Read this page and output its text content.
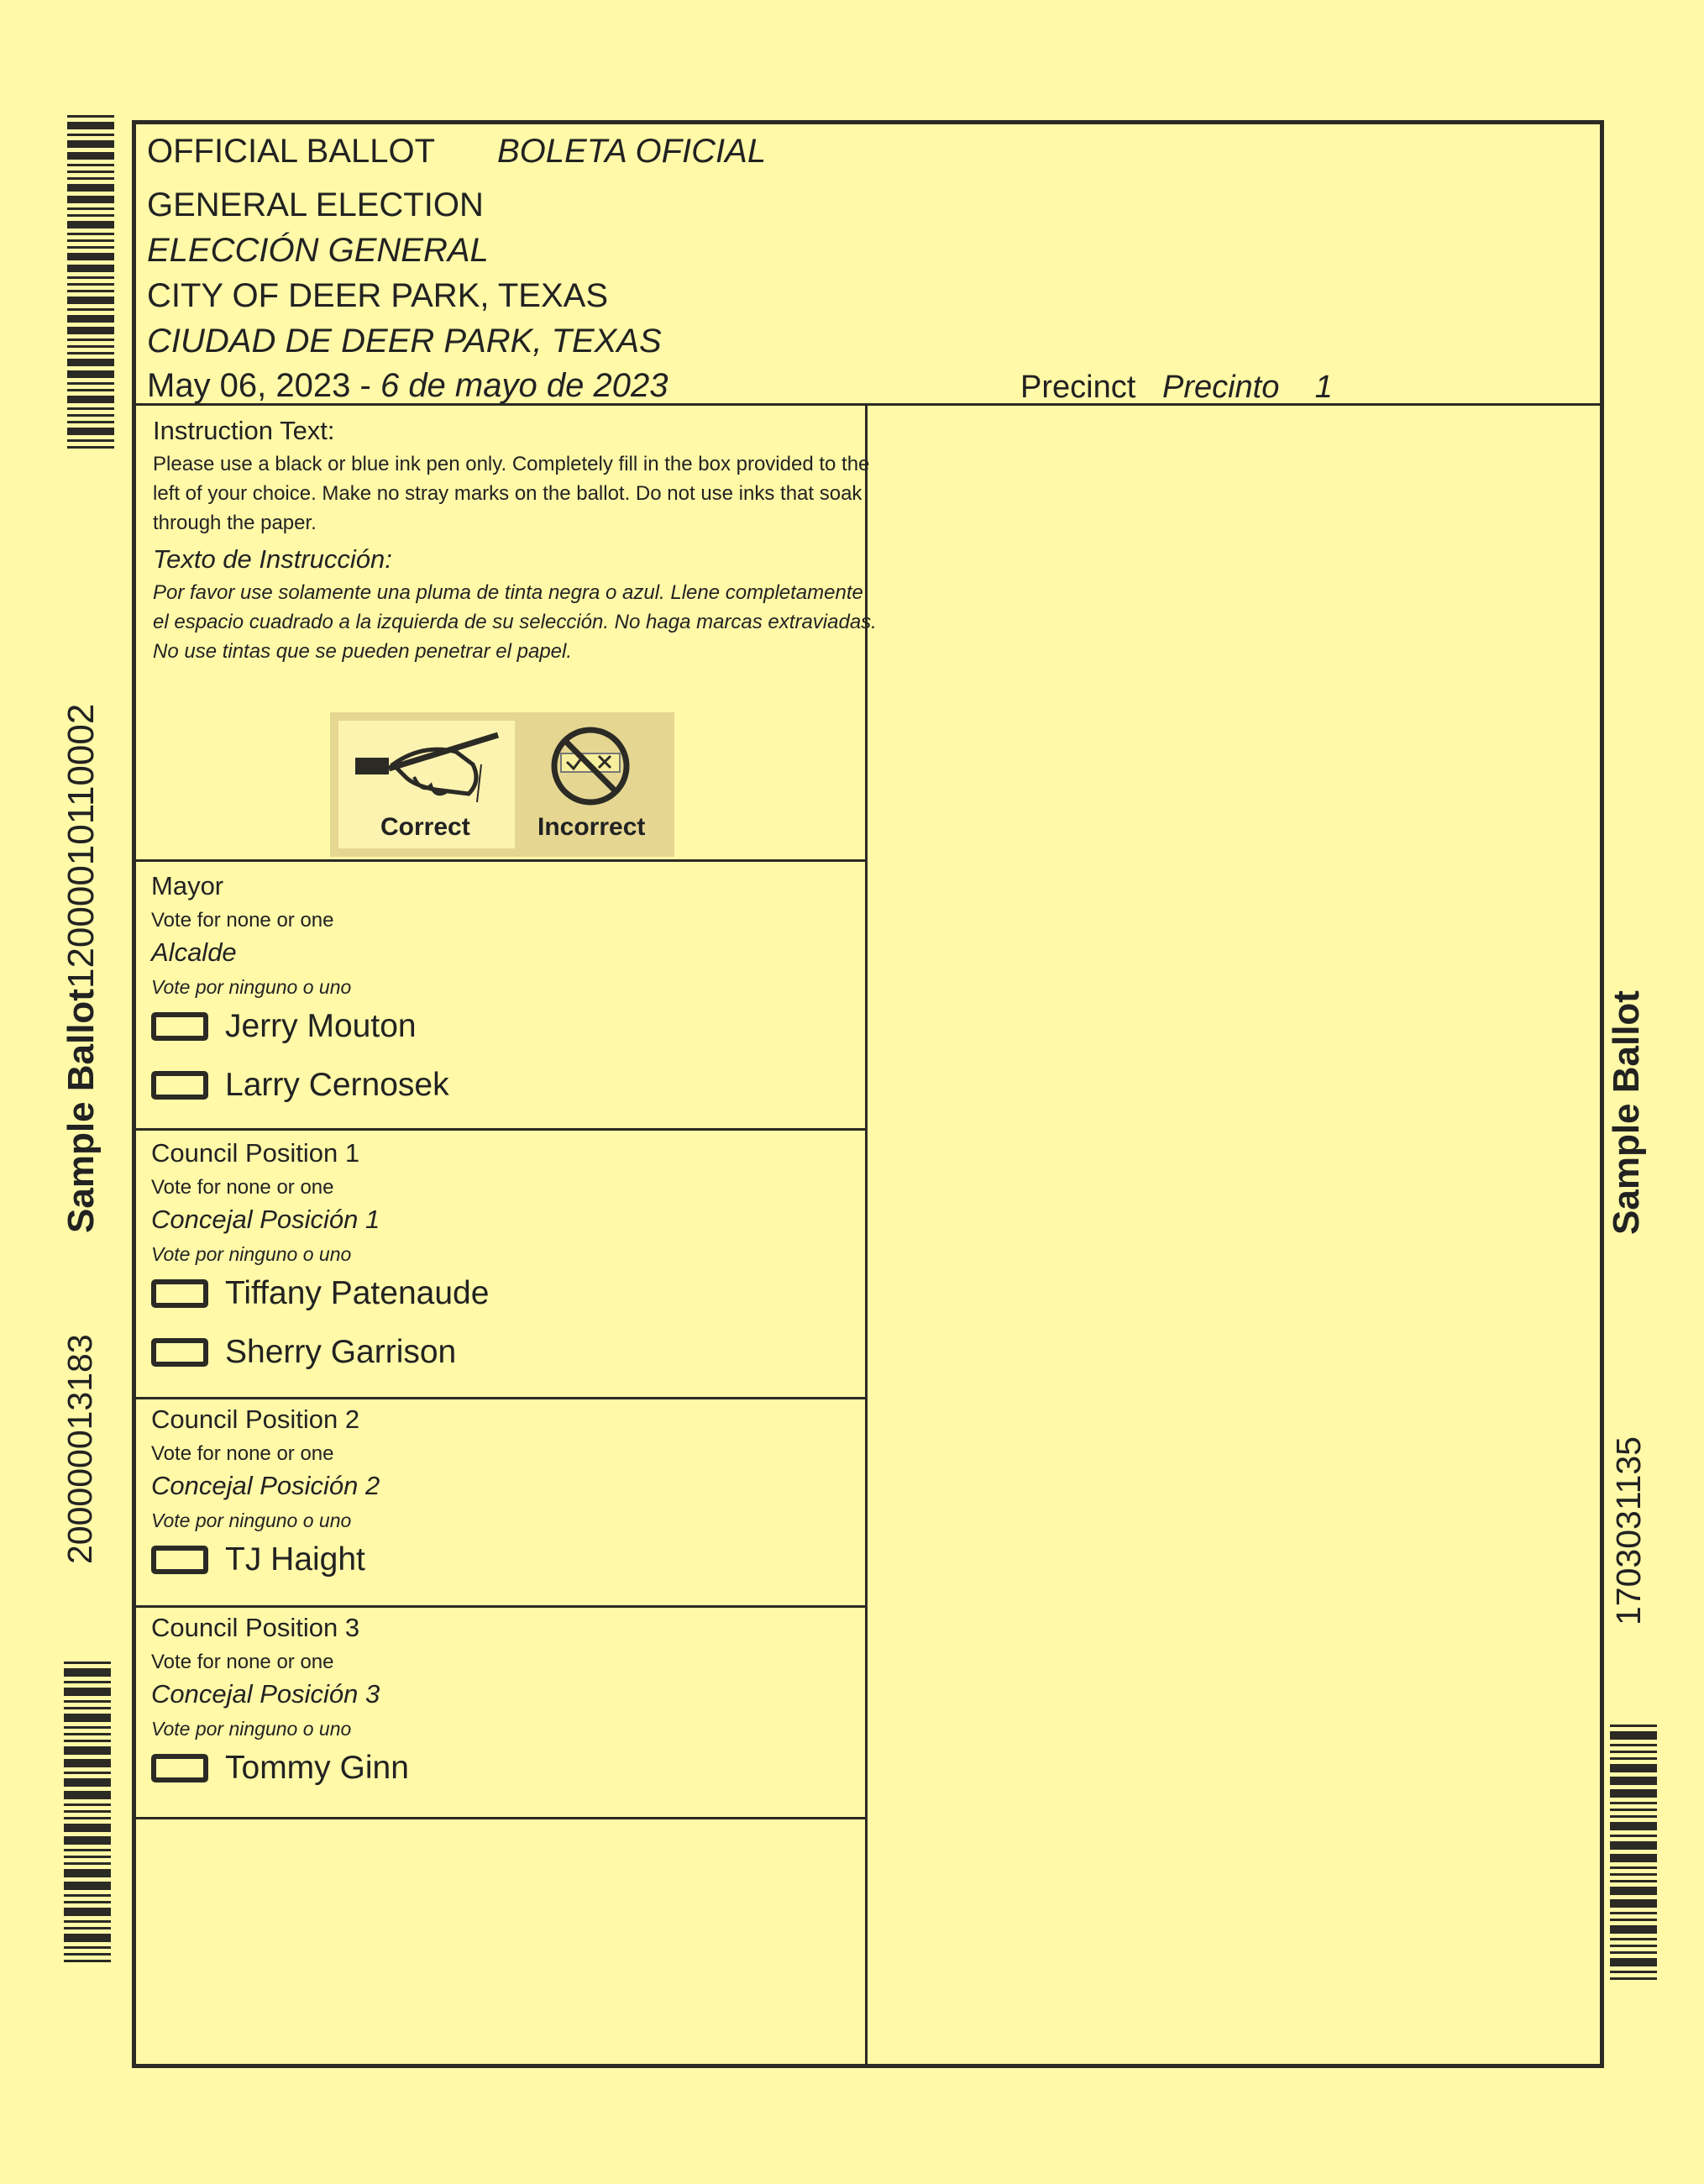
200000013183
Sample Ballot12000010110002
Sample Ballot
1703031135
OFFICIAL BALLOT BOLETA OFICIAL
GENERAL ELECTION
ELECCIÓN GENERAL
CITY OF DEER PARK, TEXAS
CIUDAD DE DEER PARK, TEXAS
May 06, 2023 - 6 de mayo de 2023	Precinct Precinto 1
Instruction Text:
Please use a black or blue ink pen only. Completely fill in the box provided to the left of your choice. Make no stray marks on the ballot. Do not use inks that soak through the paper.
Texto de Instrucción:
Por favor use solamente una pluma de tinta negra o azul. Llene completamente el espacio cuadrado a la izquierda de su selección. No haga marcas extraviadas. No use tintas que se pueden penetrar el papel.
Correct	Incorrect
Mayor
Vote for none or one
Alcalde
Vote por ninguno o uno
Jerry Mouton
Larry Cernosek
Council Position 1
Vote for none or one
Concejal Posición 1
Vote por ninguno o uno
Tiffany Patenaude
Sherry Garrison
Council Position 2
Vote for none or one
Concejal Posición 2
Vote por ninguno o uno
TJ Haight
Council Position 3
Vote for none or one
Concejal Posición 3
Vote por ninguno o uno
Tommy Ginn
